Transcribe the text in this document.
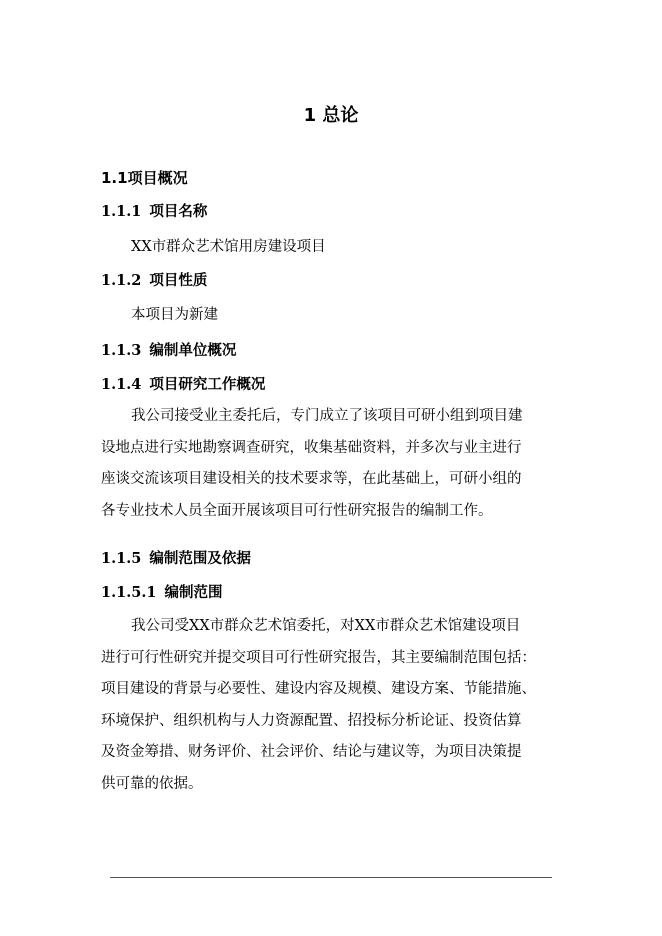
1 总论
1.1项目概况
1.1.1 项目名称
XX市群众艺术馆用房建设项目
1.1.2 项目性质
本项目为新建
1.1.3 编制单位概况
1.1.4 项目研究工作概况
我公司接受业主委托后，专门成立了该项目可研小组到项目建
设地点进行实地勘察调查研究，收集基础资料，并多次与业主进行
座谈交流该项目建设相关的技术要求等，在此基础上，可研小组的
各专业技术人员全面开展该项目可行性研究报告的编制工作。
1.1.5 编制范围及依据
1.1.5.1 编制范围
我公司受XX市群众艺术馆委托，对XX市群众艺术馆建设项目
进行可行性研究并提交项目可行性研究报告，其主要编制范围包括：
项目建设的背景与必要性、建设内容及规模、建设方案、节能措施、
环境保护、组织机构与人力资源配置、招投标分析论证、投资估算
及资金筹措、财务评价、社会评价、结论与建议等，为项目决策提
供可靠的依据。
